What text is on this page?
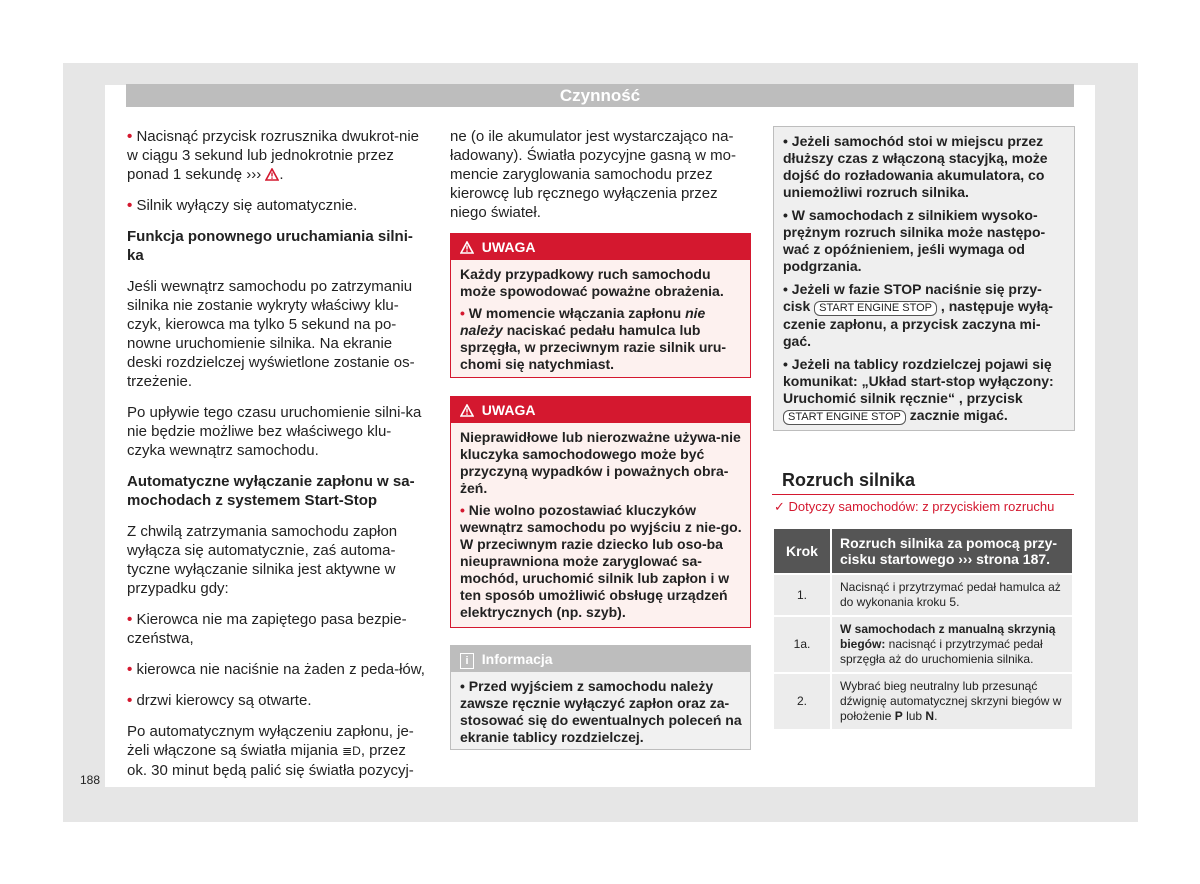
Czynność

• Nacisnąć przycisk rozrusznika dwukrot-nie w ciągu 3 sekund lub jednokrotnie przez ponad 1 sekundę ››› .

• Silnik wyłączy się automatycznie.

Funkcja ponownego uruchamiania silni-ka

Jeśli wewnątrz samochodu po zatrzymaniu silnika nie zostanie wykryty właściwy klu-czyk, kierowca ma tylko 5 sekund na po-nowne uruchomienie silnika. Na ekranie deski rozdzielczej wyświetlone zostanie os-trzeżenie.

Po upływie tego czasu uruchomienie silni-ka nie będzie możliwe bez właściwego klu-czyka wewnątrz samochodu.

Automatyczne wyłączanie zapłonu w sa-mochodach z systemem Start-Stop

Z chwilą zatrzymania samochodu zapłon wyłącza się automatycznie, zaś automa-tyczne wyłączanie silnika jest aktywne w przypadku gdy:

• Kierowca nie ma zapiętego pasa bezpie-czeństwa,

• kierowca nie naciśnie na żaden z peda-łów,

• drzwi kierowcy są otwarte.

Po automatycznym wyłączeniu zapłonu, je-żeli włączone są światła mijania ≣D, przez ok. 30 minut będą palić się światła pozycyj-

ne (o ile akumulator jest wystarczająco na-ładowany). Światła pozycyjne gasną w mo-mencie zaryglowania samochodu przez kierowcę lub ręcznego wyłączenia przez niego świateł.

UWAGA

Każdy przypadkowy ruch samochodu może spowodować poważne obrażenia.

• W momencie włączania zapłonu nie należy naciskać pedału hamulca lub sprzęgła, w przeciwnym razie silnik uru-chomi się natychmiast.

UWAGA

Nieprawidłowe lub nierozważne używa-nie kluczyka samochodowego może być przyczyną wypadków i poważnych obra-żeń.

• Nie wolno pozostawiać kluczyków wewnątrz samochodu po wyjściu z nie-go. W przeciwnym razie dziecko lub oso-ba nieuprawniona może zaryglować sa-mochód, uruchomić silnik lub zapłon i w ten sposób umożliwić obsługę urządzeń elektrycznych (np. szyb).

i Informacja
• Przed wyjściem z samochodu należy zawsze ręcznie wyłączyć zapłon oraz za-stosować się do ewentualnych poleceń na ekranie tablicy rozdzielczej.

• Jeżeli samochód stoi w miejscu przez dłuższy czas z włączoną stacyjką, może dojść do rozładowania akumulatora, co uniemożliwi rozruch silnika.

• W samochodach z silnikiem wysoko-prężnym rozruch silnika może następo-wać z opóźnieniem, jeśli wymaga od podgrzania.

• Jeżeli w fazie STOP naciśnie się przy-cisk START ENGINE STOP , następuje wyłą-czenie zapłonu, a przycisk zaczyna mi-gać.

• Jeżeli na tablicy rozdzielczej pojawi się komunikat: „Układ start-stop wyłączony: Uruchomić silnik ręcznie“ , przycisk START ENGINE STOP zacznie migać.

Rozruch silnika
✓ Dotyczy samochodów: z przyciskiem rozruchu
Krok	Rozruch silnika za pomocą przy-cisku startowego ››› strona 187.
1.	Nacisnąć i przytrzymać pedał hamulca aż do wykonania kroku 5.
1a.	W samochodach z manualną skrzynią biegów: nacisnąć i przytrzymać pedał sprzęgła aż do uruchomienia silnika.
2.	Wybrać bieg neutralny lub przesunąć dźwignię automatycznej skrzyni biegów w położenie P lub N.
188
